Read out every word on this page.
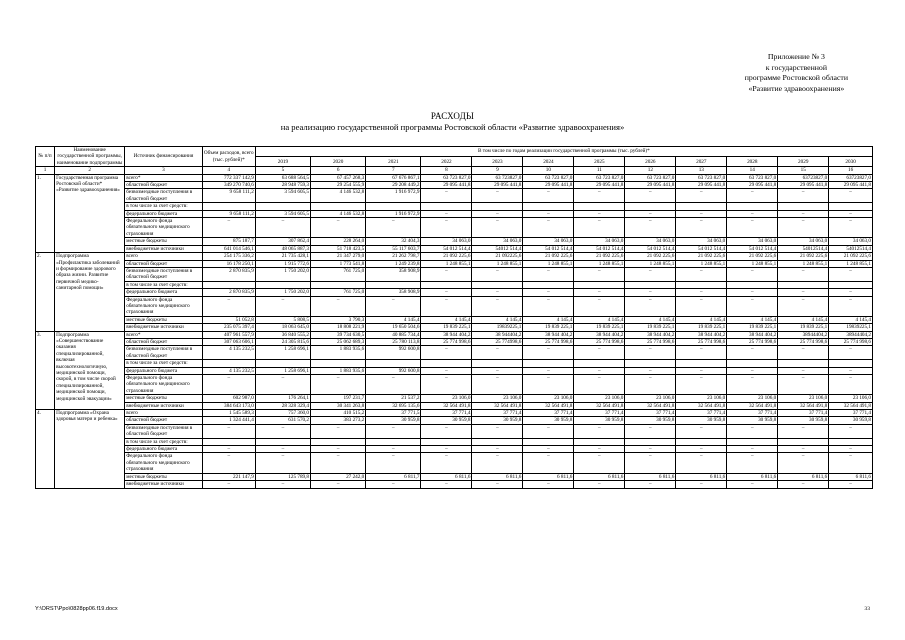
Приложение № 3
к государственной
программе Ростовской области
«Развитие здравоохранения»
РАСХОДЫ
на реализацию государственной программы Ростовской области «Развитие здравоохранения»
№ п/п	Наименование государственной программы, наименование подпрограммы	Источник финансирования	Объем расходов, всего (тыс. рублей)*	В том числе по годам реализации государственной программы (тыс. рублей)*											
				2019	2020	2021	2022	2023	2024	2025	2026	2027	2028	2029	2030
1	2	3	4	5	6	7	8	9	10	11	12	13	14	15	16
1.	Государственная программа Ростовской области* «Развитие здравоохранения»	всего*	772 337 142,9	63 688 564,5	67 457 268,3	67 676 867,1	63 723 827,0	63 723827,0	63 723 827,0	63 723 827,0	63 723 827,0	63 723 827,0	63 723 827,0	63723827,0	63723827,0
		областной бюджет	349 270 740,6	28 948 759,3	29 254 555,9	29 208 449,2	29 095 441,8	29 095 441,8	29 095 441,8	29 095 441,8	29 095 441,8	29 095 441,8	29 095 441,8	29 095 441,8	29 095 441,8
		безвозмездные поступления в областной бюджет	9 658 111,2	3 594 605,5	4 146 532,8	1 916 972,9	–	–	–	–	–	–	–	–	–
		в том числе за счет средств:													
		федерального бюджета	9 658 111,2	3 594 605,5	4 146 532,8	1 916 972,9	–	–	–	–	–	–	–	–	–
		Федерального фонда обязательного медицинского страхования	–	–	–	–	–	–	–	–	–	–	–	–	–
		местные бюджеты	875 187,7	307 862,4	228 264,0	32 404,3	34 063,0	34 063,0	34 063,0	34 063,0	34 063,0	34 063,0	34 063,0	34 063,0	34 063,0
		внебюджетные источники	641 014 546,1	48 065 887,3	51 718 423,5	55 117 603,7	54 012 514,4	54012 514,4	54 012 514,4	54 012 514,4	54 012 514,4	54 012 514,4	54 012 514,4	54012514,4	54012514,4
2.	Подпрограмма «Профилактика заболеваний и формирование здорового образа жизни. Развитие первичной медико-санитарной помощи»	всего	254 175 336,2	21 735 428,1	21 347 279,0	21 262 798,7	21 092 225,6	21 092225,6	21 092 225,6	21 092 225,6	21 092 225,6	21 092 225,6	21 092 225,6	21 092 225,6	21 092 225,6
		областной бюджет	16 178 250,1	1 915 772,6	1 773 541,8	1 249 239,8	1 248 855,1	1 248 855,1	1 248 855,1	1 248 855,1	1 248 855,1	1 248 855,1	1 248 855,1	1 248 855,1	1 248 855,1
		безвозмездные поступления в областной бюджет	2 870 835,9	1 750 202,0	761 725,0	358 908,9	–	–	–	–	–	–	–	–	–
		в том числе за счет средств:													
		федерального бюджета	2 870 835,9	1 750 202,0	761 725,0	358 908,9	–	–	–	–	–	–	–	–	–
		Федерального фонда обязательного медицинского страхования	–	–	–	–	–	–	–	–	–	–	–	–	–
		местные бюджеты	51 052,8	5 808,5	3 790,3	4 145,4	4 145,4	4 145,4	4 145,4	4 145,4	4 145,4	4 145,4	4 145,4	4 145,4	4 145,4
		внебюджетные источники	235 075 397,4	18 063 645,0	18 808 221,9	19 650 504,6	19 839 225,1	19839225,1	19 839 225,1	19 839 225,1	19 839 225,1	19 839 225,1	19 839 225,1	19 839 225,1	19839225,1
3.	Подпрограмма «Совершенствование оказания специализированной, включая высокотехнологичную, медицинской помощи, скорой, в том числе скорой специализированной, медицинской помощи, медицинской эвакуации»	всего*	407 961 557,9	36 840 555,2	39 734 630,5	40 885 734,4	38 944 404,2	38 944404,2	38 944 404,2	38 944 404,2	38 944 404,2	38 944 404,2	38 944 404,2	38944404,2	38944404,2
		областной бюджет	307 063 606,1	24 305 815,6	25 062 689,3	25 780 113,8	25 774 998,6	25 774998,6	25 774 998,6	25 774 998,6	25 774 998,6	25 774 998,6	25 774 998,6	25 774 998,6	25 774 998,6
		безвозмездные поступления в областной бюджет	4 135 232,5	1 258 696,1	1 883 935,6	992 600,8	–	–	–	–	–	–	–	–	–
		в том числе за счет средств:													
		федерального бюджета	4 135 232,5	1 258 696,1	1 883 935,6	992 600,8	–	–	–	–	–	–	–	–	–
		Федерального фонда обязательного медицинского страхования	–	–	–	–	–	–	–	–	–	–	–	–	–
		местные бюджеты	602 987,0	176 264,1	197 231,7	21 537,2	23 106,0	23 106,0	23 106,0	23 106,0	23 106,0	23 106,0	23 106,0	23 106,0	23 106,0
		внебюджетные источники	384 643 173,0	28 328 329,4	30 341 263,8	32 695 135,6	32 564 491,8	32 564 491,8	32 564 491,8	32 564 491,8	32 564 491,8	32 564 491,8	32 564 491,8	32 564 491,8	32 564 491,8
4.	Подпрограмма «Охрана здоровья матери и ребенка»	всего	1 545 589,3	757 360,0	410 515,2	37 771,5	37 771,4	37 771,4	37 771,4	37 771,4	37 771,4	37 771,4	37 771,4	37 771,4	37 771,4
		областной бюджет	1 324 441,4	631 570,2	383 273,2	30 959,8	30 959,8	30 959,8	30 959,8	30 959,8	30 959,8	30 959,8	30 959,8	30 959,8	30 959,8
		безвозмездные поступления в областной бюджет	–	–	–	–	–	–	–	–	–	–	–	–	–
		в том числе за счет средств:													
		федерального бюджета	–	–	–	–	–	–	–	–	–	–	–	–	–
		Федерального фонда обязательного медицинского страхования	–	–	–	–	–	–	–	–	–	–	–	–	–
		местные бюджеты	221 147,9	125 789,8	27 242,0	6 811,7	6 811,6	6 811,6	6 811,6	6 811,6	6 811,6	6 811,6	6 811,6	6 811,6	6 811,6
		внебюджетные источники	–	–	–	–	–	–	–	–	–	–	–	–	–
Y:\ORST\Ppo\0828pp06.f19.docx	33
